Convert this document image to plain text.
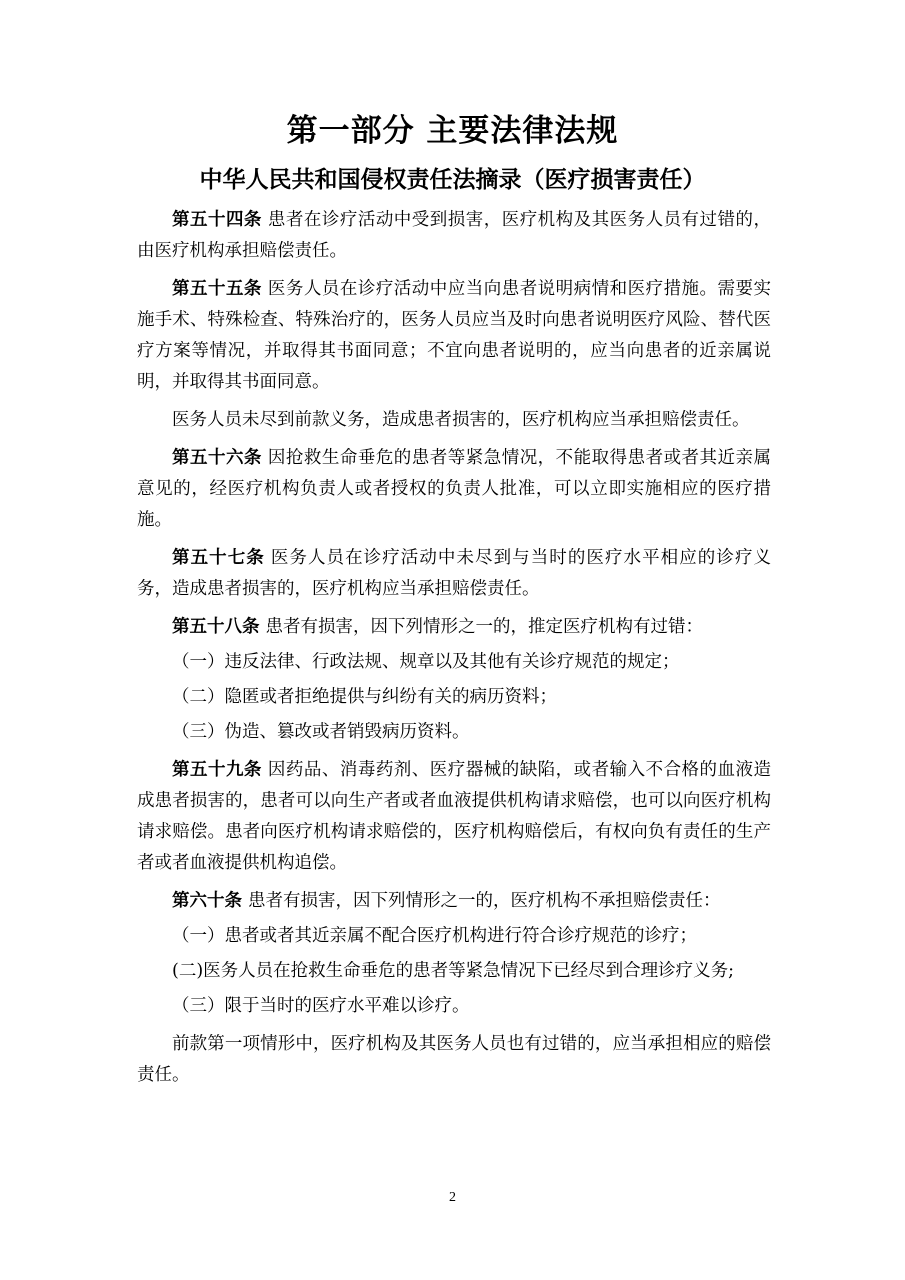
第一部分 主要法律法规
中华人民共和国侵权责任法摘录（医疗损害责任）

第五十四条 患者在诊疗活动中受到损害，医疗机构及其医务人员有过错的，由医疗机构承担赔偿责任。

第五十五条 医务人员在诊疗活动中应当向患者说明病情和医疗措施。需要实施手术、特殊检查、特殊治疗的，医务人员应当及时向患者说明医疗风险、替代医疗方案等情况，并取得其书面同意；不宜向患者说明的，应当向患者的近亲属说明，并取得其书面同意。

医务人员未尽到前款义务，造成患者损害的，医疗机构应当承担赔偿责任。

第五十六条 因抢救生命垂危的患者等紧急情况，不能取得患者或者其近亲属意见的，经医疗机构负责人或者授权的负责人批准，可以立即实施相应的医疗措施。

第五十七条 医务人员在诊疗活动中未尽到与当时的医疗水平相应的诊疗义务，造成患者损害的，医疗机构应当承担赔偿责任。

第五十八条 患者有损害，因下列情形之一的，推定医疗机构有过错：

（一）违反法律、行政法规、规章以及其他有关诊疗规范的规定；

（二）隐匿或者拒绝提供与纠纷有关的病历资料；

（三）伪造、篡改或者销毁病历资料。

第五十九条 因药品、消毒药剂、医疗器械的缺陷，或者输入不合格的血液造成患者损害的，患者可以向生产者或者血液提供机构请求赔偿，也可以向医疗机构请求赔偿。患者向医疗机构请求赔偿的，医疗机构赔偿后，有权向负有责任的生产者或者血液提供机构追偿。

第六十条 患者有损害，因下列情形之一的，医疗机构不承担赔偿责任：

（一）患者或者其近亲属不配合医疗机构进行符合诊疗规范的诊疗；

(二)医务人员在抢救生命垂危的患者等紧急情况下已经尽到合理诊疗义务;

（三）限于当时的医疗水平难以诊疗。

前款第一项情形中，医疗机构及其医务人员也有过错的，应当承担相应的赔偿责任。

2
